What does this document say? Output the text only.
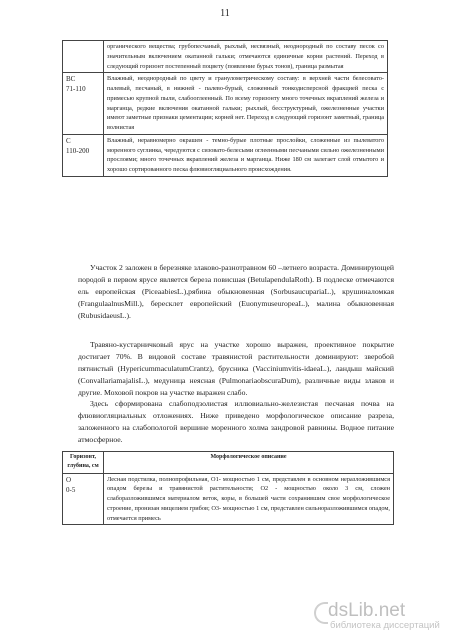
11
	органического вещества; грубопесчаный, рыхлый, несвязный, неоднородный по составу песок со значительным включением окатанной гальки; отмечаются единичные корни растений. Переход в следующий горизонт постепенный поцвету (появление бурых тонов), граница размытая

ВС
71-110	Влажный, неоднородный по цвету и гранулометрическому составу: в верхней части белесовато-палевый, песчаный, в нижней - палево-бурый, сложенный тонкодисперсной фракцией песка с примесью крупной пыли, слабооглеенный. По всему горизонту много точечных вкраплений железа и марганца, редкие включения окатанной гальки; рыхлый, бесструктурный, ожелезненные участки имеют заметные признаки цементации; корней нет. Переход в следующий горизонт заметный, граница волнистая

С
110-200	Влажный, неравномерно окрашен - темно-бурые плотные прослойки, сложенные из пылеватого моренного суглинка, чередуются с сизовато-белесыми оглеенными песчаными сильно ожелезненными прослоями; много точечных вкраплений железа и марганца. Ниже 180 см залегает слой отмытого и хорошо сортированного песка флювиогляциального происхождения.
Участок 2 заложен в березняке злаково-разнотравном 60 –летнего возраста. Доминирующей породой в первом ярусе является береза повисшая (BetulapendulaRoth). В подлеске отмечаются ель европейская (PiceaabiesL.),рябина обыкновенная (SorbusaucupariaL.), крушиналомкая (FrangulaalnusMill.), бересклет европейский (EuonymuseuropeaL.), малина обыкновенная (RubusidaeusL.).
Травяно-кустарничковый ярус на участке хорошо выражен, проективное покрытие достигает 70%. В видовой составе травянистой растительности доминируют: зверобой пятнистый (HypericummaculatumCrantz), брусника (Vacciniumvitis-idaeaL.), ландыш майский (ConvallariamajalisL.), медуница неясная (PulmonariaobscuraDum), различные виды злаков и другие. Моховой покров на участке выражен слабо.
Здесь сформирована слабоподзолистая иллювиально-железистая песчаная почва на флювиогляциальных отложениях. Ниже приведено морфологическое описание разреза, заложенного на слабопологой вершине моренного холма зандровой равнины. Водное питание атмосферное.
Горизонт, глубина, см	Морфологическое описание

О
0-5	Лесная подстилка, полнопрофильная, О1- мощностью 1 см, представлен в основном неразложившимся опадом березы и травянистой растительности; О2 - мощностью около 3 см, сложен слаборазложившимся материалом веток, коры, в большей части сохранившим свое морфологическое строение, пронизан мицелием грибов; О3- мощностью 1 см, представлен сильноразложившимся опадом, отмечается примесь
dsLib.net
библиотека диссертаций
